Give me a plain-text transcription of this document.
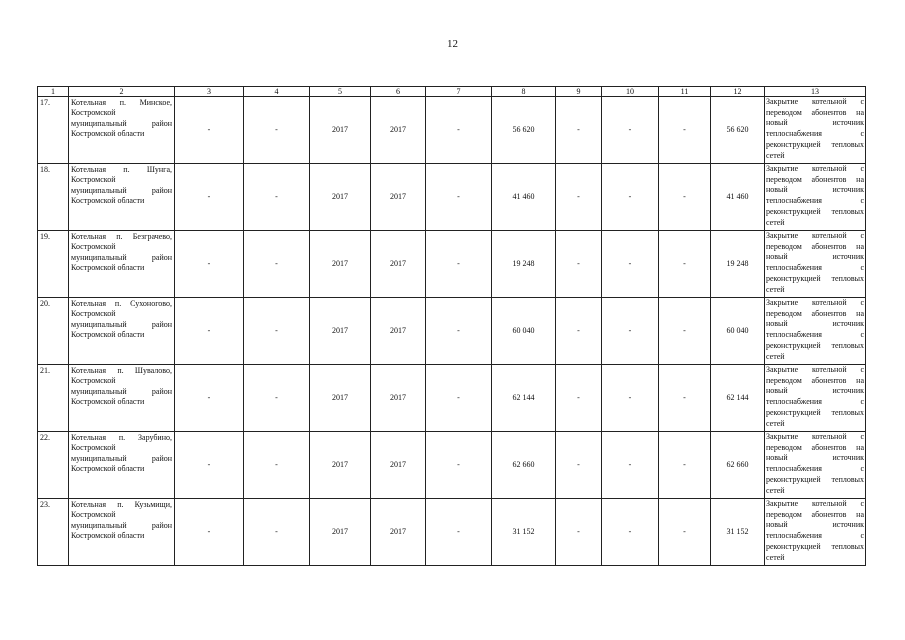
12
1	2	3	4	5	6	7	8	9	10	11	12	13
17.	Котельная п. Минское, Костромской муниципальный район Костромской области	-	-	2017	2017	-	56 620	-	-	-	56 620	Закрытие котельной с переводом абонентов на новый источник теплоснабжения с реконструкцией тепловых сетей
18.	Котельная п. Шунга, Костромской муниципальный район Костромской области	-	-	2017	2017	-	41 460	-	-	-	41 460	Закрытие котельной с переводом абонентов на новый источник теплоснабжения с реконструкцией тепловых сетей
19.	Котельная п. Безграчево, Костромской муниципальный район Костромской области	-	-	2017	2017	-	19 248	-	-	-	19 248	Закрытие котельной с переводом абонентов на новый источник теплоснабжения с реконструкцией тепловых сетей
20.	Котельная п. Сухоногово, Костромской муниципальный район Костромской области	-	-	2017	2017	-	60 040	-	-	-	60 040	Закрытие котельной с переводом абонентов на новый источник теплоснабжения с реконструкцией тепловых сетей
21.	Котельная п. Шувалово, Костромской муниципальный район Костромской области	-	-	2017	2017	-	62 144	-	-	-	62 144	Закрытие котельной с переводом абонентов на новый источник теплоснабжения с реконструкцией тепловых сетей
22.	Котельная п. Зарубино, Костромской муниципальный район Костромской области	-	-	2017	2017	-	62 660	-	-	-	62 660	Закрытие котельной с переводом абонентов на новый источник теплоснабжения с реконструкцией тепловых сетей
23.	Котельная п. Кузьмищи, Костромской муниципальный район Костромской области	-	-	2017	2017	-	31 152	-	-	-	31 152	Закрытие котельной с переводом абонентов на новый источник теплоснабжения с реконструкцией тепловых сетей
